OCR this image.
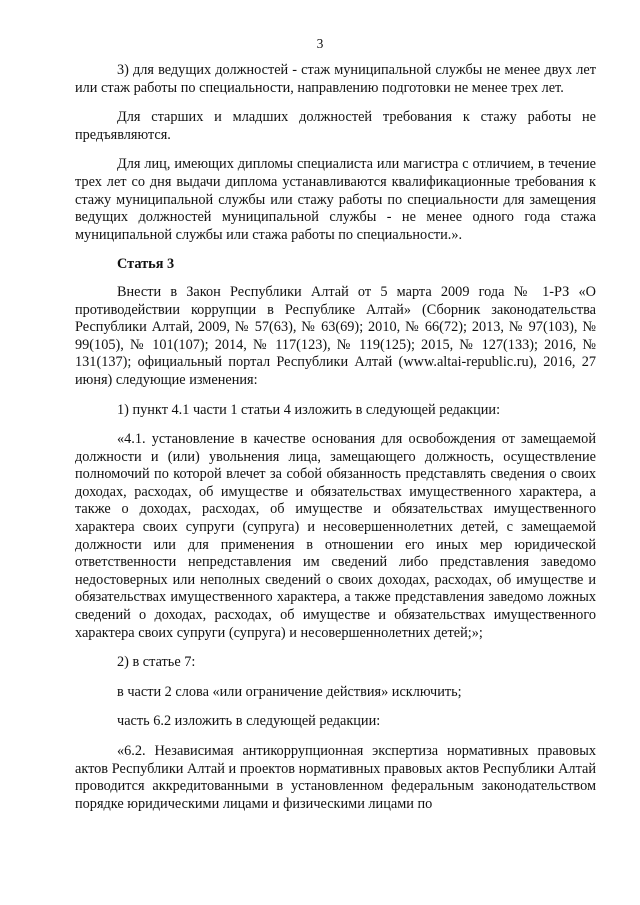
3

3) для ведущих должностей - стаж муниципальной службы не менее двух лет или стаж работы по специальности, направлению подготовки не менее трех лет.

Для старших и младших должностей требования к стажу работы не предъявляются.

Для лиц, имеющих дипломы специалиста или магистра с отличием, в течение трех лет со дня выдачи диплома устанавливаются квалификационные требования к стажу муниципальной службы или стажу работы по специальности для замещения ведущих должностей муниципальной службы - не менее одного года стажа муниципальной службы или стажа работы по специальности.».

Статья 3

Внести в Закон Республики Алтай от 5 марта 2009 года № 1-РЗ «О противодействии коррупции в Республике Алтай» (Сборник законодательства Республики Алтай, 2009, № 57(63), № 63(69); 2010, № 66(72); 2013, № 97(103), № 99(105), № 101(107); 2014, № 117(123), № 119(125); 2015, № 127(133); 2016, № 131(137); официальный портал Республики Алтай (www.altai-republic.ru), 2016, 27 июня) следующие изменения:

1) пункт 4.1 части 1 статьи 4 изложить в следующей редакции:

«4.1. установление в качестве основания для освобождения от замещаемой должности и (или) увольнения лица, замещающего должность, осуществление полномочий по которой влечет за собой обязанность представлять сведения о своих доходах, расходах, об имуществе и обязательствах имущественного характера, а также о доходах, расходах, об имуществе и обязательствах имущественного характера своих супруги (супруга) и несовершеннолетних детей, с замещаемой должности или для применения в отношении его иных мер юридической ответственности непредставления им сведений либо представления заведомо недостоверных или неполных сведений о своих доходах, расходах, об имуществе и обязательствах имущественного характера, а также представления заведомо ложных сведений о доходах, расходах, об имуществе и обязательствах имущественного характера своих супруги (супруга) и несовершеннолетних детей;»;

2) в статье 7:

в части 2 слова «или ограничение действия» исключить;

часть 6.2 изложить в следующей редакции:

«6.2. Независимая антикоррупционная экспертиза нормативных правовых актов Республики Алтай и проектов нормативных правовых актов Республики Алтай проводится аккредитованными в установленном федеральным законодательством порядке юридическими лицами и физическими лицами по
